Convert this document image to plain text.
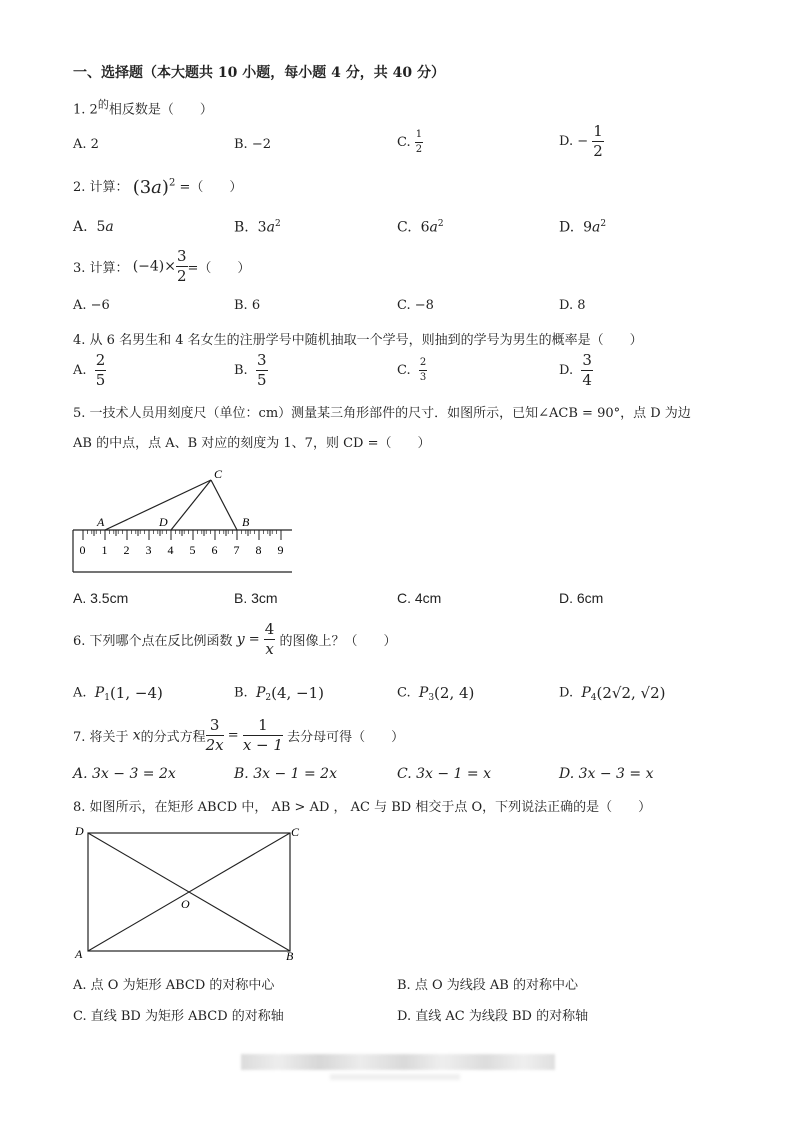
一、选择题（本大题共 10 小题，每小题 4 分，共 40 分）
1. $2^的$相反数是（　　）
A. 2	B. −2	C. $\frac{1}{2}$	D. − $\frac{1}{2}$
2. 计算： $(3a)^2$ =（　　）
A. 5a	B. $3a^2$	C. $6a^2$	D. $9a^2$
3. 计算： $(-4)\times \frac{3}{2}$ =（　　）
A. −6	B. 6	C. −8	D. 8
4. 从 6 名男生和 4 名女生的注册学号中随机抽取一个学号，则抽到的学号为男生的概率是（　　）
A. $\frac{2}{5}$	B. $\frac{3}{5}$	C. $\frac{2}{3}$	D. $\frac{3}{4}$
5. 一技术人员用刻度尺（单位：cm）测量某三角形部件的尺寸．如图所示，已知∠ACB = 90°，点 D 为边
AB 的中点，点 A、B 对应的刻度为 1、7，则 CD =（　　）
0 1 2 3 4 5 6 7 8 9
A	D
C
B
A. 3.5cm	B. 3cm	C. 4cm	D. 6cm
6. 下列哪个点在反比例函数 $y = \frac{4}{x}$ 的图像上？（　　）
A. $P_1(1$, −4)	B. $P_2(4$, −1)	C. $P_3(2$, 4)	D. $P_4(2√2$, √2)
7. 将关于 x的分式方程 $\frac{3}{2x} = \frac{1}{x - 1}$ 去分母可得（　　）
A. 3x − 3 = 2x	B. 3x − 1 = 2x	C. 3x − 1 = x	D. 3x − 3 = x
8. 如图所示，在矩形 ABCD 中， AB > AD ， AC 与 BD 相交于点 O，下列说法正确的是（　　）
D	C
A	B
O
A. 点 O 为矩形 ABCD 的对称中心	B. 点 O 为线段 AB 的对称中心
C. 直线 BD 为矩形 ABCD 的对称轴	D. 直线 AC 为线段 BD 的对称轴
